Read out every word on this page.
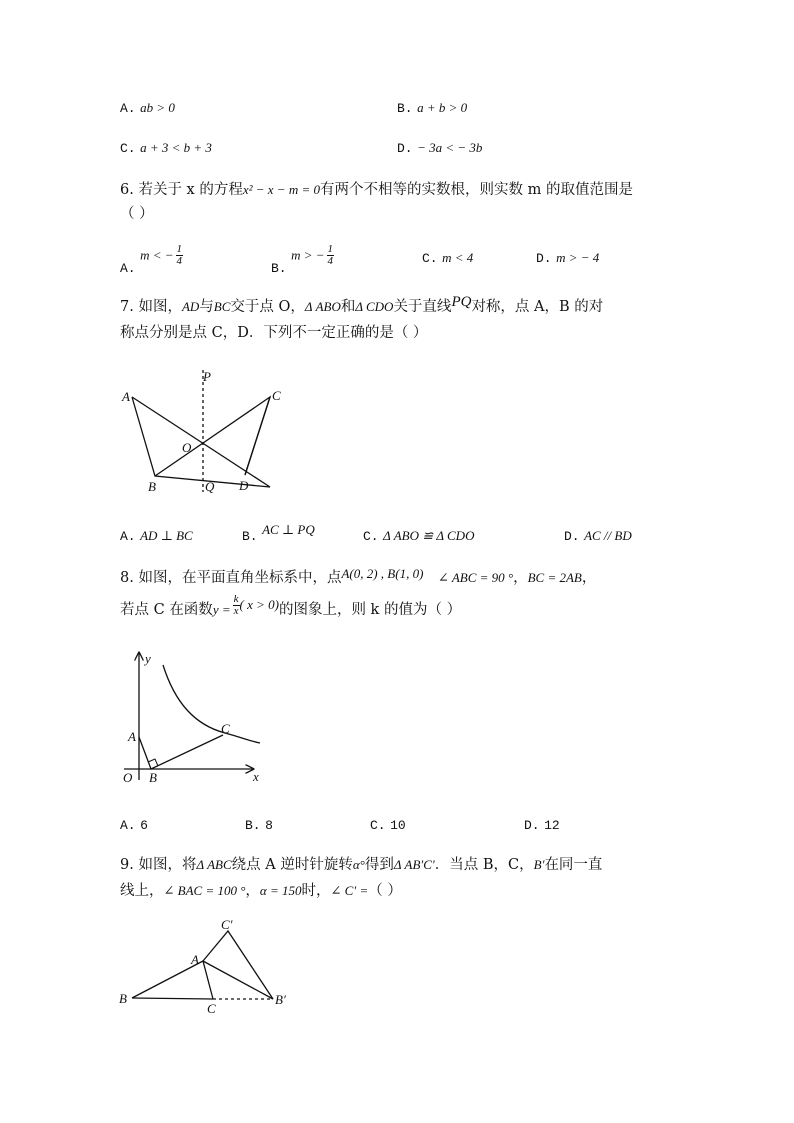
A. ab > 0	B. a + b > 0
C. a + 3 < b + 3	D. − 3a < − 3b
6. 若关于 x 的方程x² − x − m = 0有两个不相等的实数根，则实数 m 的取值范围是
（ ）
A. m < − $\frac{1}{4}$
B. m > − $\frac{1}{4}$	C. m < 4	D. m > − 4
7. 如图，AD与BC交于点 O，Δ ABO和Δ CDO关于直线PQ对称，点 A，B 的对
称点分别是点 C，D．下列不一定正确的是（ ）
A
B
C
D
O
P
Q
A. AD ⊥ BC	B. AC ⊥ PQ	C. Δ ABO ≌ Δ CDO	D. AC // BD
8. 如图，在平面直角坐标系中，点A(0, 2) , B(1, 0)　 ∠ ABC = 90 °，BC = 2AB，
若点 C 在函数$y = \frac{k}{x}$ ( x > 0)的图象上，则 k 的值为（ ）
y
x
O
A
B
C
A. 6	B. 8	C. 10	D. 12
9. 如图，将Δ ABC绕点 A 逆时针旋转α°得到Δ AB′C′．当点 B，C，B′在同一直
线上，∠ BAC = 100 °，α = 150时，∠ C′ =（ ）
B
A
C
B′
C′
